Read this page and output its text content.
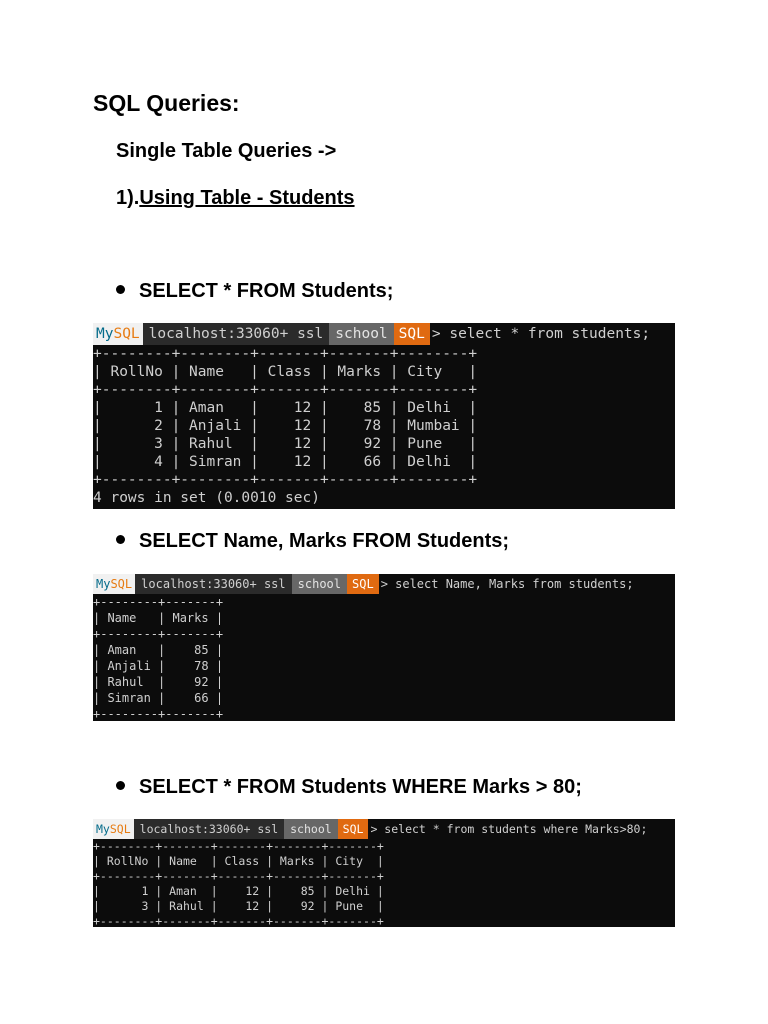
SQL Queries:
Single Table Queries ->
1).Using Table - Students
SELECT * FROM Students;
MySQL localhost:33060+ ssl school SQL > select * from students;
+--------+--------+-------+-------+--------+
| RollNo | Name   | Class | Marks | City   |
+--------+--------+-------+-------+--------+
|      1 | Aman   |    12 |    85 | Delhi  |
|      2 | Anjali |    12 |    78 | Mumbai |
|      3 | Rahul  |    12 |    92 | Pune   |
|      4 | Simran |    12 |    66 | Delhi  |
+--------+--------+-------+-------+--------+
4 rows in set (0.0010 sec)
SELECT Name, Marks FROM Students;
MySQL localhost:33060+ ssl	school SQL > select Name, Marks from students;
+--------+-------+
| Name   | Marks |
+--------+-------+
| Aman   |    85 |
| Anjali |    78 |
| Rahul  |    92 |
| Simran |    66 |
+--------+-------+
SELECT * FROM Students WHERE Marks > 80;
MySQL localhost:33060+ ssl	school SQL > select * from students where Marks>80;
+--------+-------+-------+-------+-------+
| RollNo | Name  | Class | Marks | City  |
+--------+-------+-------+-------+-------+
|      1 | Aman  |    12 |    85 | Delhi |
|      3 | Rahul |    12 |    92 | Pune  |
+--------+-------+-------+-------+-------+
